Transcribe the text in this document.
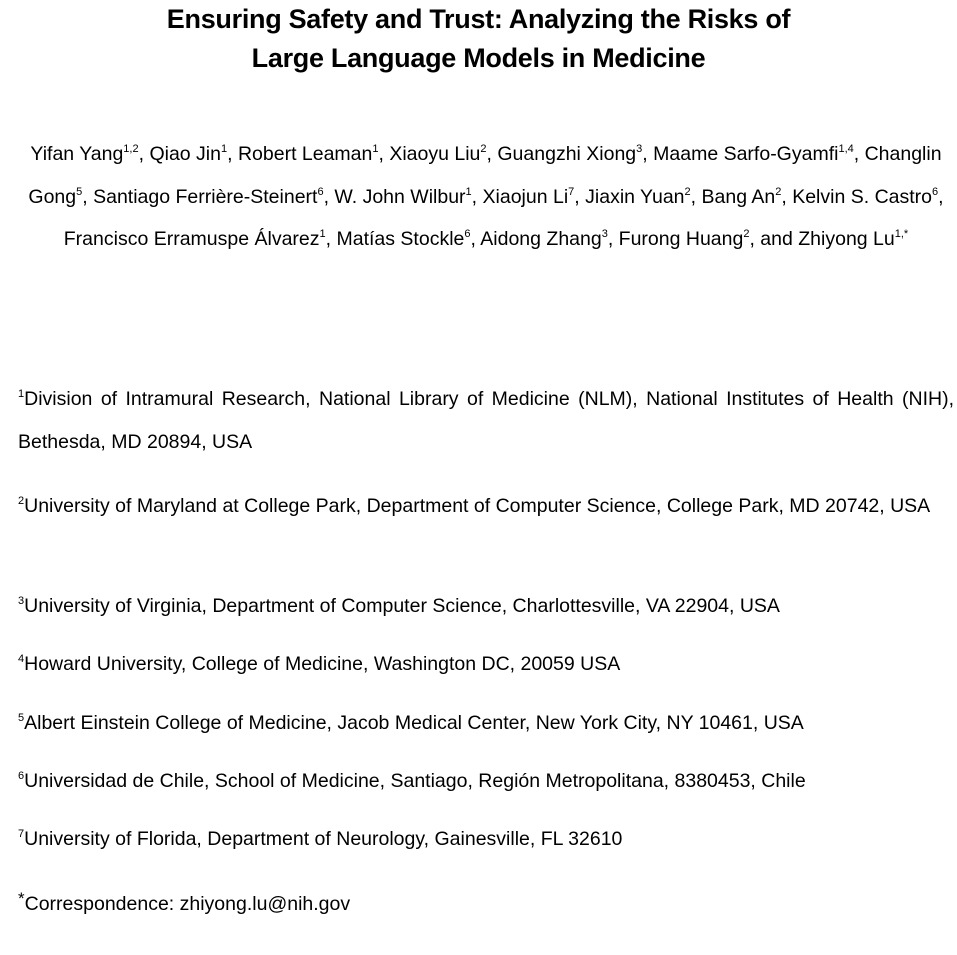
Ensuring Safety and Trust: Analyzing the Risks of
Large Language Models in Medicine
Yifan Yang$^{1,2}$, Qiao Jin$^1$, Robert Leaman$^1$, Xiaoyu Liu$^2$, Guangzhi Xiong$^3$, Maame Sarfo-Gyamfi$^{1,4}$, Changlin Gong$^5$, Santiago Ferrière-Steinert$^6$, W. John Wilbur$^1$, Xiaojun Li$^7$, Jiaxin Yuan$^2$, Bang An$^2$, Kelvin S. Castro$^6$, Francisco Erramuspe Álvarez$^1$, Matías Stockle$^6$, Aidong Zhang$^3$, Furong Huang$^2$, and Zhiyong $Lu^{1,*}$
$^1$Division of Intramural Research, National Library of Medicine (NLM), National Institutes of Health (NIH), Bethesda, MD 20894, USA
$^2$University of Maryland at College Park, Department of Computer Science, College Park, MD 20742, USA
$^3$University of Virginia, Department of Computer Science, Charlottesville, VA 22904, USA
$^4$Howard University, College of Medicine, Washington DC, 20059 USA
$^5$Albert Einstein College of Medicine, Jacob Medical Center, New York City, NY 10461, USA
$^6$Universidad de Chile, School of Medicine, Santiago, Región Metropolitana, 8380453, Chile
$^7$University of Florida, Department of Neurology, Gainesville, FL 32610
*Correspondence: zhiyong.lu@nih.gov
